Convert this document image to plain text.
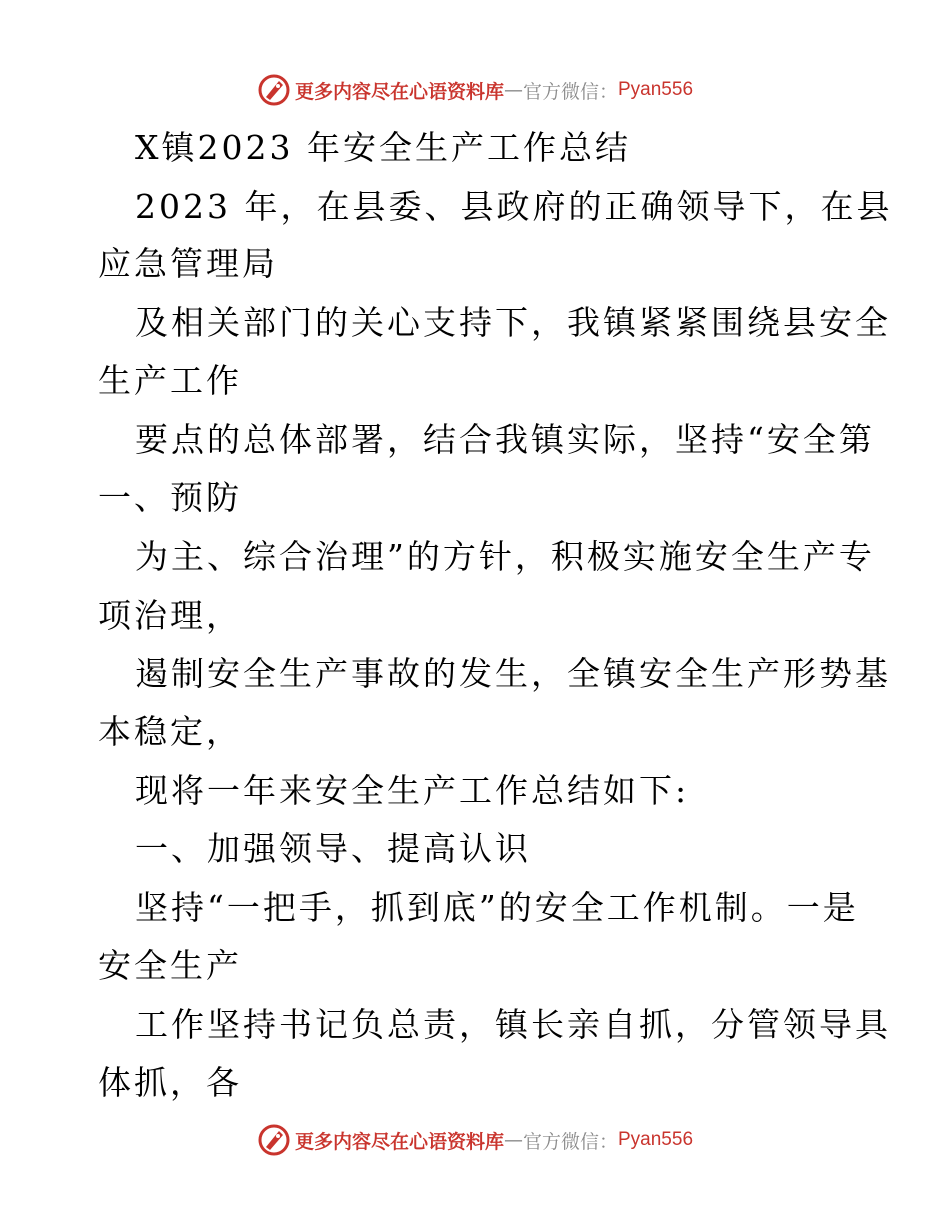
更多内容尽在心语资料库 — 官方微信： Pyan556
X镇2023 年安全生产工作总结
2023 年，在县委、县政府的正确领导下，在县
应急管理局
及相关部门的关心支持下，我镇紧紧围绕县安全
生产工作
要点的总体部署，结合我镇实际，坚持“安全第
一、预防
为主、综合治理”的方针，积极实施安全生产专
项治理，
遏制安全生产事故的发生，全镇安全生产形势基
本稳定，
现将一年来安全生产工作总结如下:
一、加强领导、提高认识
坚持“一把手，抓到底”的安全工作机制。一是
安全生产
工作坚持书记负总责，镇长亲自抓，分管领导具
体抓，各
更多内容尽在心语资料库 — 官方微信： Pyan556
